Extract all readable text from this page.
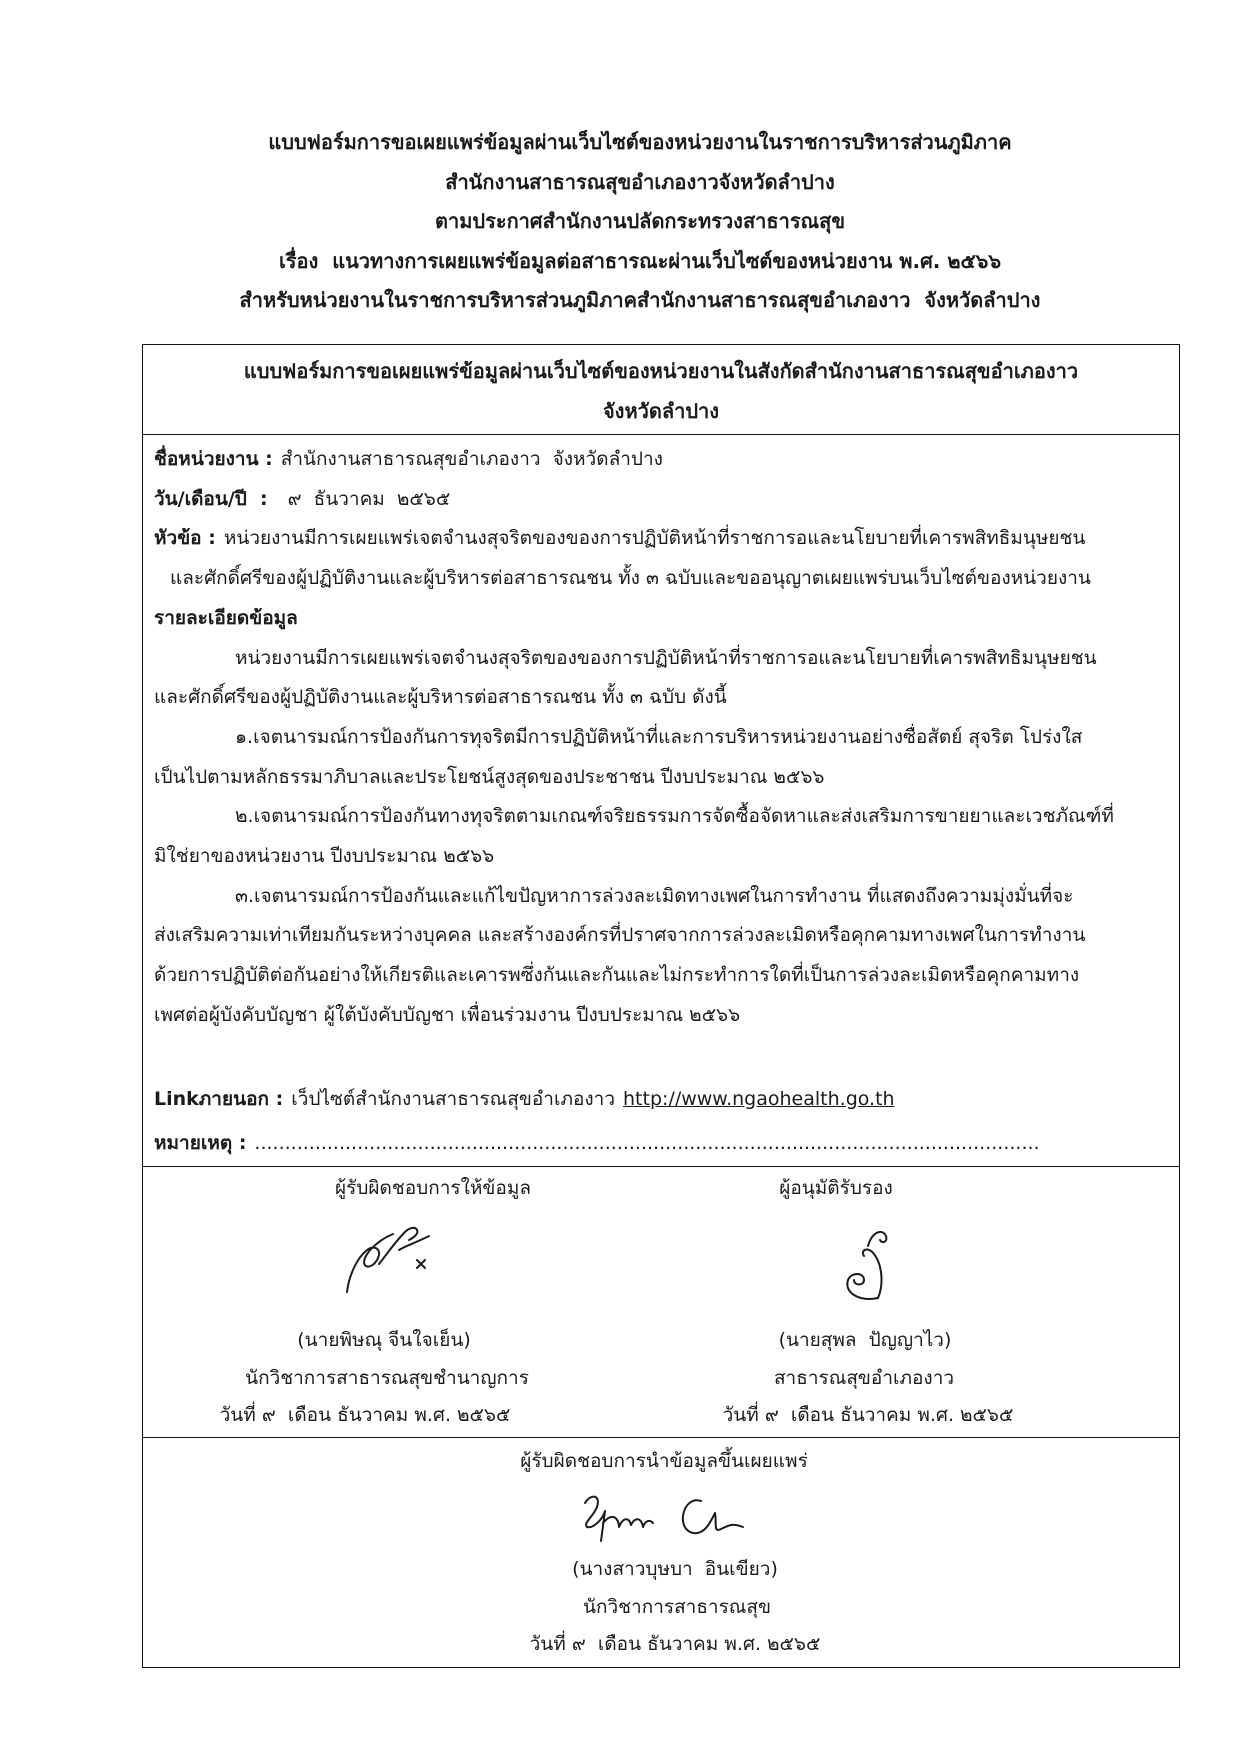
แบบฟอร์มการขอเผยแพร่ข้อมูลผ่านเว็บไซต์ของหน่วยงานในราชการบริหารส่วนภูมิภาค
สำนักงานสาธารณสุขอำเภองาวจังหวัดลำปาง
ตามประกาศสำนักงานปลัดกระทรวงสาธารณสุข
เรื่อง  แนวทางการเผยแพร่ข้อมูลต่อสาธารณะผ่านเว็บไซต์ของหน่วยงาน พ.ศ. ๒๕๖๖
สำหรับหน่วยงานในราชการบริหารส่วนภูมิภาคสำนักงานสาธารณสุขอำเภองาว  จังหวัดลำปาง
แบบฟอร์มการขอเผยแพร่ข้อมูลผ่านเว็บไซต์ของหน่วยงานในสังกัดสำนักงานสาธารณสุขอำเภองาว
จังหวัดลำปาง
ชื่อหน่วยงาน : สำนักงานสาธารณสุขอำเภองาว  จังหวัดลำปาง
วัน/เดือน/ปี  : ๙  ธันวาคม  ๒๕๖๕
หัวข้อ : หน่วยงานมีการเผยแพร่เจตจำนงสุจริตของของการปฏิบัติหน้าที่ราชการอและนโยบายที่เคารพสิทธิมนุษยชน
และศักดิ์ศรีของผู้ปฏิบัติงานและผู้บริหารต่อสาธารณชน ทั้ง ๓ ฉบับและขออนุญาตเผยแพร่บนเว็บไซต์ของหน่วยงาน
รายละเอียดข้อมูล
หน่วยงานมีการเผยแพร่เจตจำนงสุจริตของของการปฏิบัติหน้าที่ราชการอและนโยบายที่เคารพสิทธิมนุษยชน
และศักดิ์ศรีของผู้ปฏิบัติงานและผู้บริหารต่อสาธารณชน ทั้ง ๓ ฉบับ ดังนี้
๑.เจตนารมณ์การป้องกันการทุจริตมีการปฏิบัติหน้าที่และการบริหารหน่วยงานอย่างซื่อสัตย์ สุจริต โปร่งใส
เป็นไปตามหลักธรรมาภิบาลและประโยชน์สูงสุดของประชาชน ปีงบประมาณ ๒๕๖๖
๒.เจตนารมณ์การป้องกันทางทุจริตตามเกณฑ์จริยธรรมการจัดซื้อจัดหาและส่งเสริมการขายยาและเวชภัณฑ์ที่
มิใช่ยาของหน่วยงาน ปีงบประมาณ ๒๕๖๖
๓.เจตนารมณ์การป้องกันและแก้ไขปัญหาการล่วงละเมิดทางเพศในการทำงาน ที่แสดงถึงความมุ่งมั่นที่จะ
ส่งเสริมความเท่าเทียมกันระหว่างบุคคล และสร้างองค์กรที่ปราศจากการล่วงละเมิดหรือคุกคามทางเพศในการทำงาน
ด้วยการปฏิบัติต่อกันอย่างให้เกียรติและเคารพซึ่งกันและกันและไม่กระทำการใดที่เป็นการล่วงละเมิดหรือคุกคามทาง
เพศต่อผู้บังคับบัญชา ผู้ใต้บังคับบัญชา เพื่อนร่วมงาน ปีงบประมาณ ๒๕๖๖
Linkภายนอก : เว็ปไซต์สำนักงานสาธารณสุขอำเภองาว http://www.ngaohealth.go.th
หมายเหตุ : ..................................................................................................................................
ผู้รับผิดชอบการให้ข้อมูล
(นายพิษณุ จีนใจเย็น)
นักวิชาการสาธารณสุขชำนาญการ
วันที่ ๙  เดือน ธันวาคม พ.ศ. ๒๕๖๕
ผู้อนุมัติรับรอง
(นายสุพล  ปัญญาไว)
สาธารณสุขอำเภองาว
วันที่ ๙  เดือน ธันวาคม พ.ศ. ๒๕๖๕
ผู้รับผิดชอบการนำข้อมูลขึ้นเผยแพร่
(นางสาวบุษบา  อินเขียว)
นักวิชาการสาธารณสุข
วันที่ ๙  เดือน ธันวาคม พ.ศ. ๒๕๖๕
